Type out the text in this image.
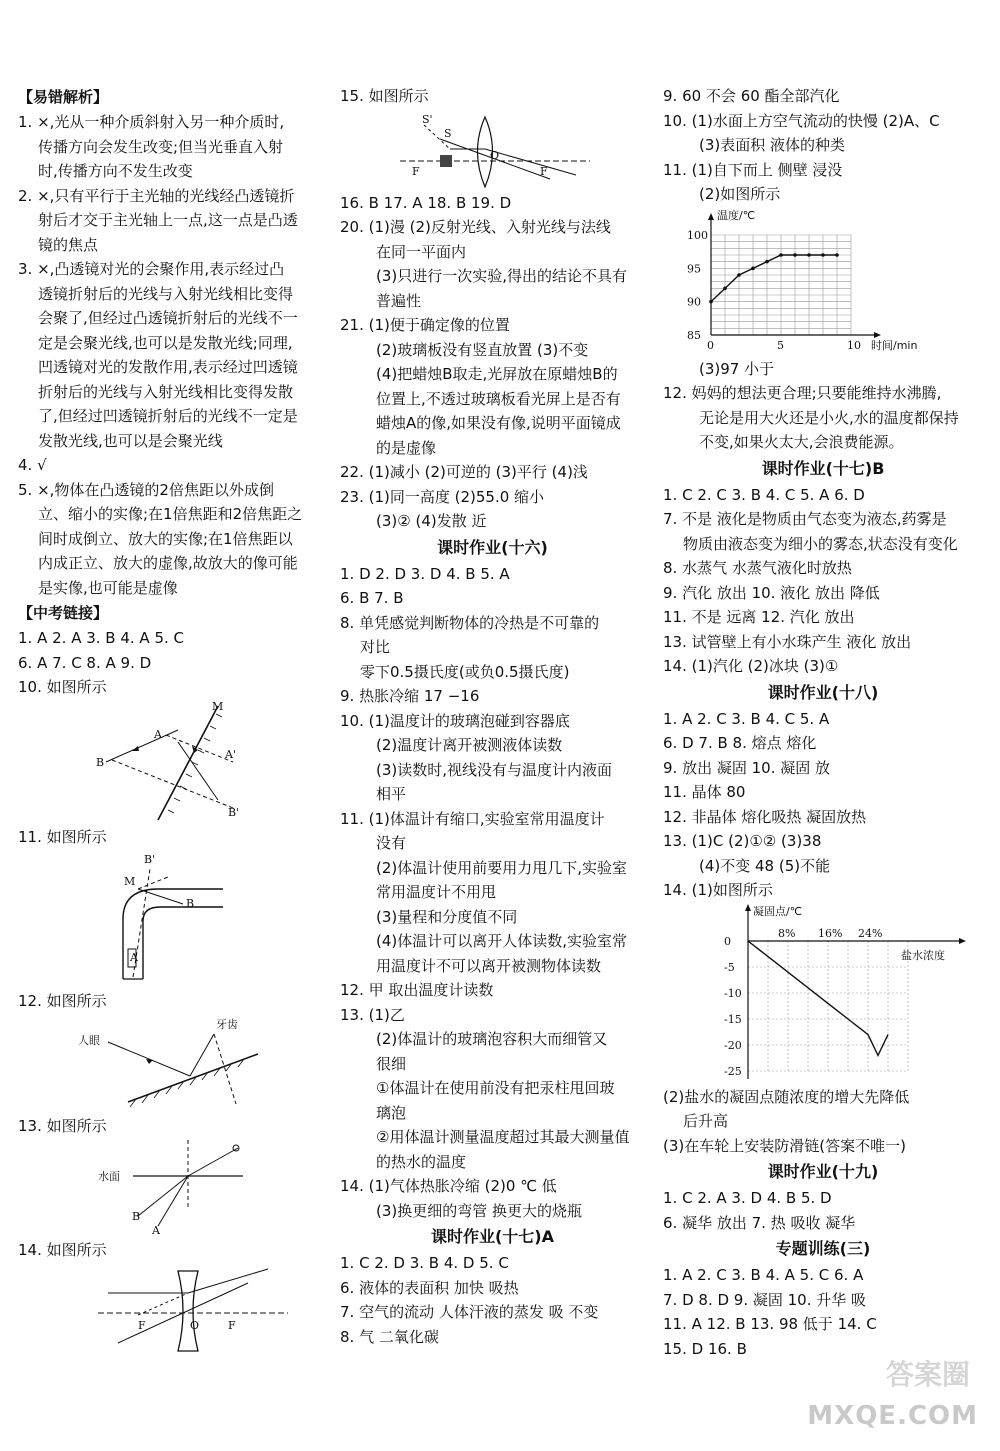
【易错解析】
1. ×,光从一种介质斜射入另一种介质时,
传播方向会发生改变;但当光垂直入射
时,传播方向不发生改变
2. ×,只有平行于主光轴的光线经凸透镜折
射后才交于主光轴上一点,这一点是凸透
镜的焦点
3. ×,凸透镜对光的会聚作用,表示经过凸
透镜折射后的光线与入射光线相比变得
会聚了,但经过凸透镜折射后的光线不一
定是会聚光线,也可以是发散光线;同理,
凹透镜对光的发散作用,表示经过凹透镜
折射后的光线与入射光线相比变得发散
了,但经过凹透镜折射后的光线不一定是
发散光线,也可以是会聚光线
4. √
5. ×,物体在凸透镜的2倍焦距以外成倒
立、缩小的实像;在1倍焦距和2倍焦距之
间时成倒立、放大的实像;在1倍焦距以
内成正立、放大的虚像,故放大的像可能
是实像,也可能是虚像
【中考链接】
1. A 2. A 3. B 4. A 5. C
6. A 7. C 8. A 9. D
10. 如图所示
M
A
A'
B
B'
11. 如图所示
B'
M
B
A
12. 如图所示
人眼
牙齿
13. 如图所示
水面
B
A
14. 如图所示
F	O	F
15. 如图所示
S'
S
F
O
F
16. B 17. A 18. B 19. D
20. (1)漫 (2)反射光线、入射光线与法线
在同一平面内
(3)只进行一次实验,得出的结论不具有
普遍性
21. (1)便于确定像的位置
(2)玻璃板没有竖直放置 (3)不变
(4)把蜡烛B取走,光屏放在原蜡烛B的
位置上,不透过玻璃板看光屏上是否有
蜡烛A的像,如果没有像,说明平面镜成
的是虚像
22. (1)减小 (2)可逆的 (3)平行 (4)浅
23. (1)同一高度 (2)55.0 缩小
(3)② (4)发散 近
课时作业(十六)
1. D 2. D 3. D 4. B 5. A
6. B 7. B
8. 单凭感觉判断物体的冷热是不可靠的
对比
零下0.5摄氏度(或负0.5摄氏度)
9. 热胀冷缩 17 −16
10. (1)温度计的玻璃泡碰到容器底
(2)温度计离开被测液体读数
(3)读数时,视线没有与温度计内液面
相平
11. (1)体温计有缩口,实验室常用温度计
没有
(2)体温计使用前要用力甩几下,实验室
常用温度计不用甩
(3)量程和分度值不同
(4)体温计可以离开人体读数,实验室常
用温度计不可以离开被测物体读数
12. 甲 取出温度计读数
13. (1)乙
(2)体温计的玻璃泡容积大而细管又
很细
①体温计在使用前没有把汞柱甩回玻
璃泡
②用体温计测量温度超过其最大测量值
的热水的温度
14. (1)气体热胀冷缩 (2)0 ℃ 低
(3)换更细的弯管 换更大的烧瓶
课时作业(十七)A
1. C 2. D 3. B 4. D 5. C
6. 液体的表面积 加快 吸热
7. 空气的流动 人体汗液的蒸发 吸 不变
8. 气 二氧化碳
9. 60 不会 60 酯全部汽化
10. (1)水面上方空气流动的快慢 (2)A、C
(3)表面积 液体的种类
11. (1)自下而上 侧壁 浸没
(2)如图所示
85
90
95
100
0	5	10
温度/℃
时间/min
(3)97 小于
12. 妈妈的想法更合理;只要能维持水沸腾,
无论是用大火还是小火,水的温度都保持
不变,如果火太大,会浪费能源。
课时作业(十七)B
1. C 2. C 3. B 4. C 5. A 6. D
7. 不是 液化是物质由气态变为液态,药雾是
物质由液态变为细小的雾态,状态没有变化
8. 水蒸气 水蒸气液化时放热
9. 汽化 放出 10. 液化 放出 降低
11. 不是 远离 12. 汽化 放出
13. 试管壁上有小水珠产生 液化 放出
14. (1)汽化 (2)冰块 (3)①
课时作业(十八)
1. A 2. C 3. B 4. C 5. A
6. D 7. B 8. 熔点 熔化
9. 放出 凝固 10. 凝固 放
11. 晶体 80
12. 非晶体 熔化吸热 凝固放热
13. (1)C (2)①② (3)38
(4)不变 48 (5)不能
14. (1)如图所示
0
-5
-10
-15
-20
-25
8% 16% 24%
凝固点/℃
盐水浓度
(2)盐水的凝固点随浓度的增大先降低
后升高
(3)在车轮上安装防滑链(答案不唯一)
课时作业(十九)
1. C 2. A 3. D 4. B 5. D
6. 凝华 放出 7. 热 吸收 凝华
专题训练(三)
1. A 2. C 3. B 4. A 5. C 6. A
7. D 8. D 9. 凝固 10. 升华 吸
11. A 12. B 13. 98 低于 14. C
15. D 16. B
答案圈
MXQE.COM
